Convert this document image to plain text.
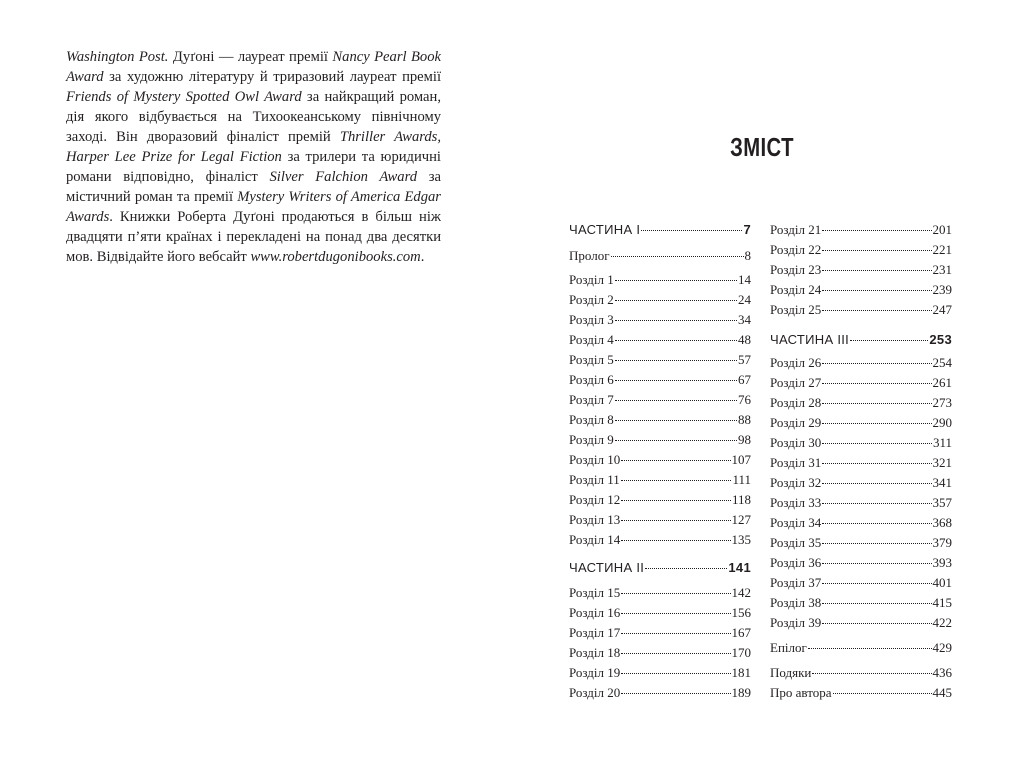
Washington Post. Дуґоні — лауреат премії Nancy Pearl Book Award за художню літературу й триразовий лауреат премії Friends of Mystery Spotted Owl Award за найкращий роман, дія якого відбувається на Тихоокеанському північному заході. Він дворазовий фіналіст премій Thriller Awards, Harper Lee Prize for Legal Fiction за трилери та юридичні романи відповідно, фіналіст Silver Falchion Award за містичний роман та премії Mystery Writers of America Edgar Awards. Книжки Роберта Дуґоні продаються в більш ніж двадцяти п’яти країнах і перекладені на понад два десятки мов. Відвідайте його вебсайт www.robertdugonibooks.com.
ЗМІСТ
ЧАСТИНА I	7
Пролог	8
Розділ 1	14
Розділ 2	24
Розділ 3	34
Розділ 4	48
Розділ 5	57
Розділ 6	67
Розділ 7	76
Розділ 8	88
Розділ 9	98
Розділ 10	107
Розділ 11	111
Розділ 12	118
Розділ 13	127
Розділ 14	135
ЧАСТИНА II	141
Розділ 15	142
Розділ 16	156
Розділ 17	167
Розділ 18	170
Розділ 19	181
Розділ 20	189
Розділ 21	201
Розділ 22	221
Розділ 23	231
Розділ 24	239
Розділ 25	247
ЧАСТИНА III	253
Розділ 26	254
Розділ 27	261
Розділ 28	273
Розділ 29	290
Розділ 30	311
Розділ 31	321
Розділ 32	341
Розділ 33	357
Розділ 34	368
Розділ 35	379
Розділ 36	393
Розділ 37	401
Розділ 38	415
Розділ 39	422
Епілог	429
Подяки	436
Про автора	445
